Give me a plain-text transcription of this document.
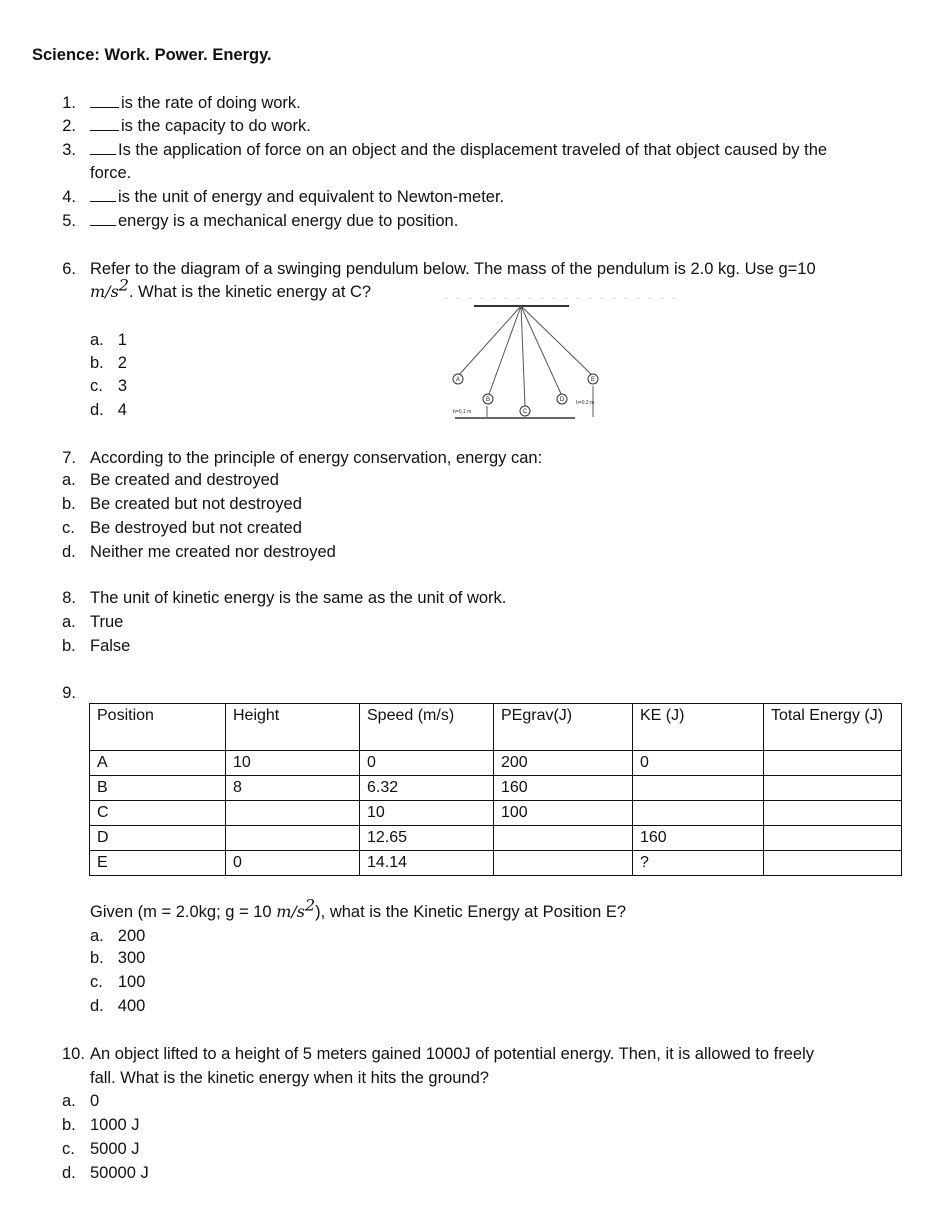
Science: Work. Power. Energy.
1.	is the rate of doing work.
2.	is the capacity to do work.
3.	Is the application of force on an object and the displacement traveled of that object caused by the
force.
4.	is the unit of energy and equivalent to Newton-meter.
5.	energy is a mechanical energy due to position.
6. Refer to the diagram of a swinging pendulum below. The mass of the pendulum is 2.0 kg. Use g=10
$m/s^2$. What is the kinetic energy at C?
a. 1
b. 2
c. 3
d. 4
A
B
C
D
E
h=0.1 m
h=0.2 m
7. According to the principle of energy conservation, energy can:
a. Be created and destroyed
b. Be created but not destroyed
c. Be destroyed but not created
d. Neither me created nor destroyed
8. The unit of kinetic energy is the same as the unit of work.
a. True
b. False
9.
Position	Height	Speed (m/s)	PEgrav(J)	KE (J)	Total Energy (J)
A	10	0	200	0	
B	8	6.32	160		
C		10	100		
D		12.65		160	
E	0	14.14		?	
Given (m = 2.0kg; g = 10 $m/s^2$), what is the Kinetic Energy at Position E?
a. 200
b. 300
c. 100
d. 400
10. An object lifted to a height of 5 meters gained 1000J of potential energy. Then, it is allowed to freely
fall. What is the kinetic energy when it hits the ground?
a. 0
b. 1000 J
c. 5000 J
d. 50000 J
